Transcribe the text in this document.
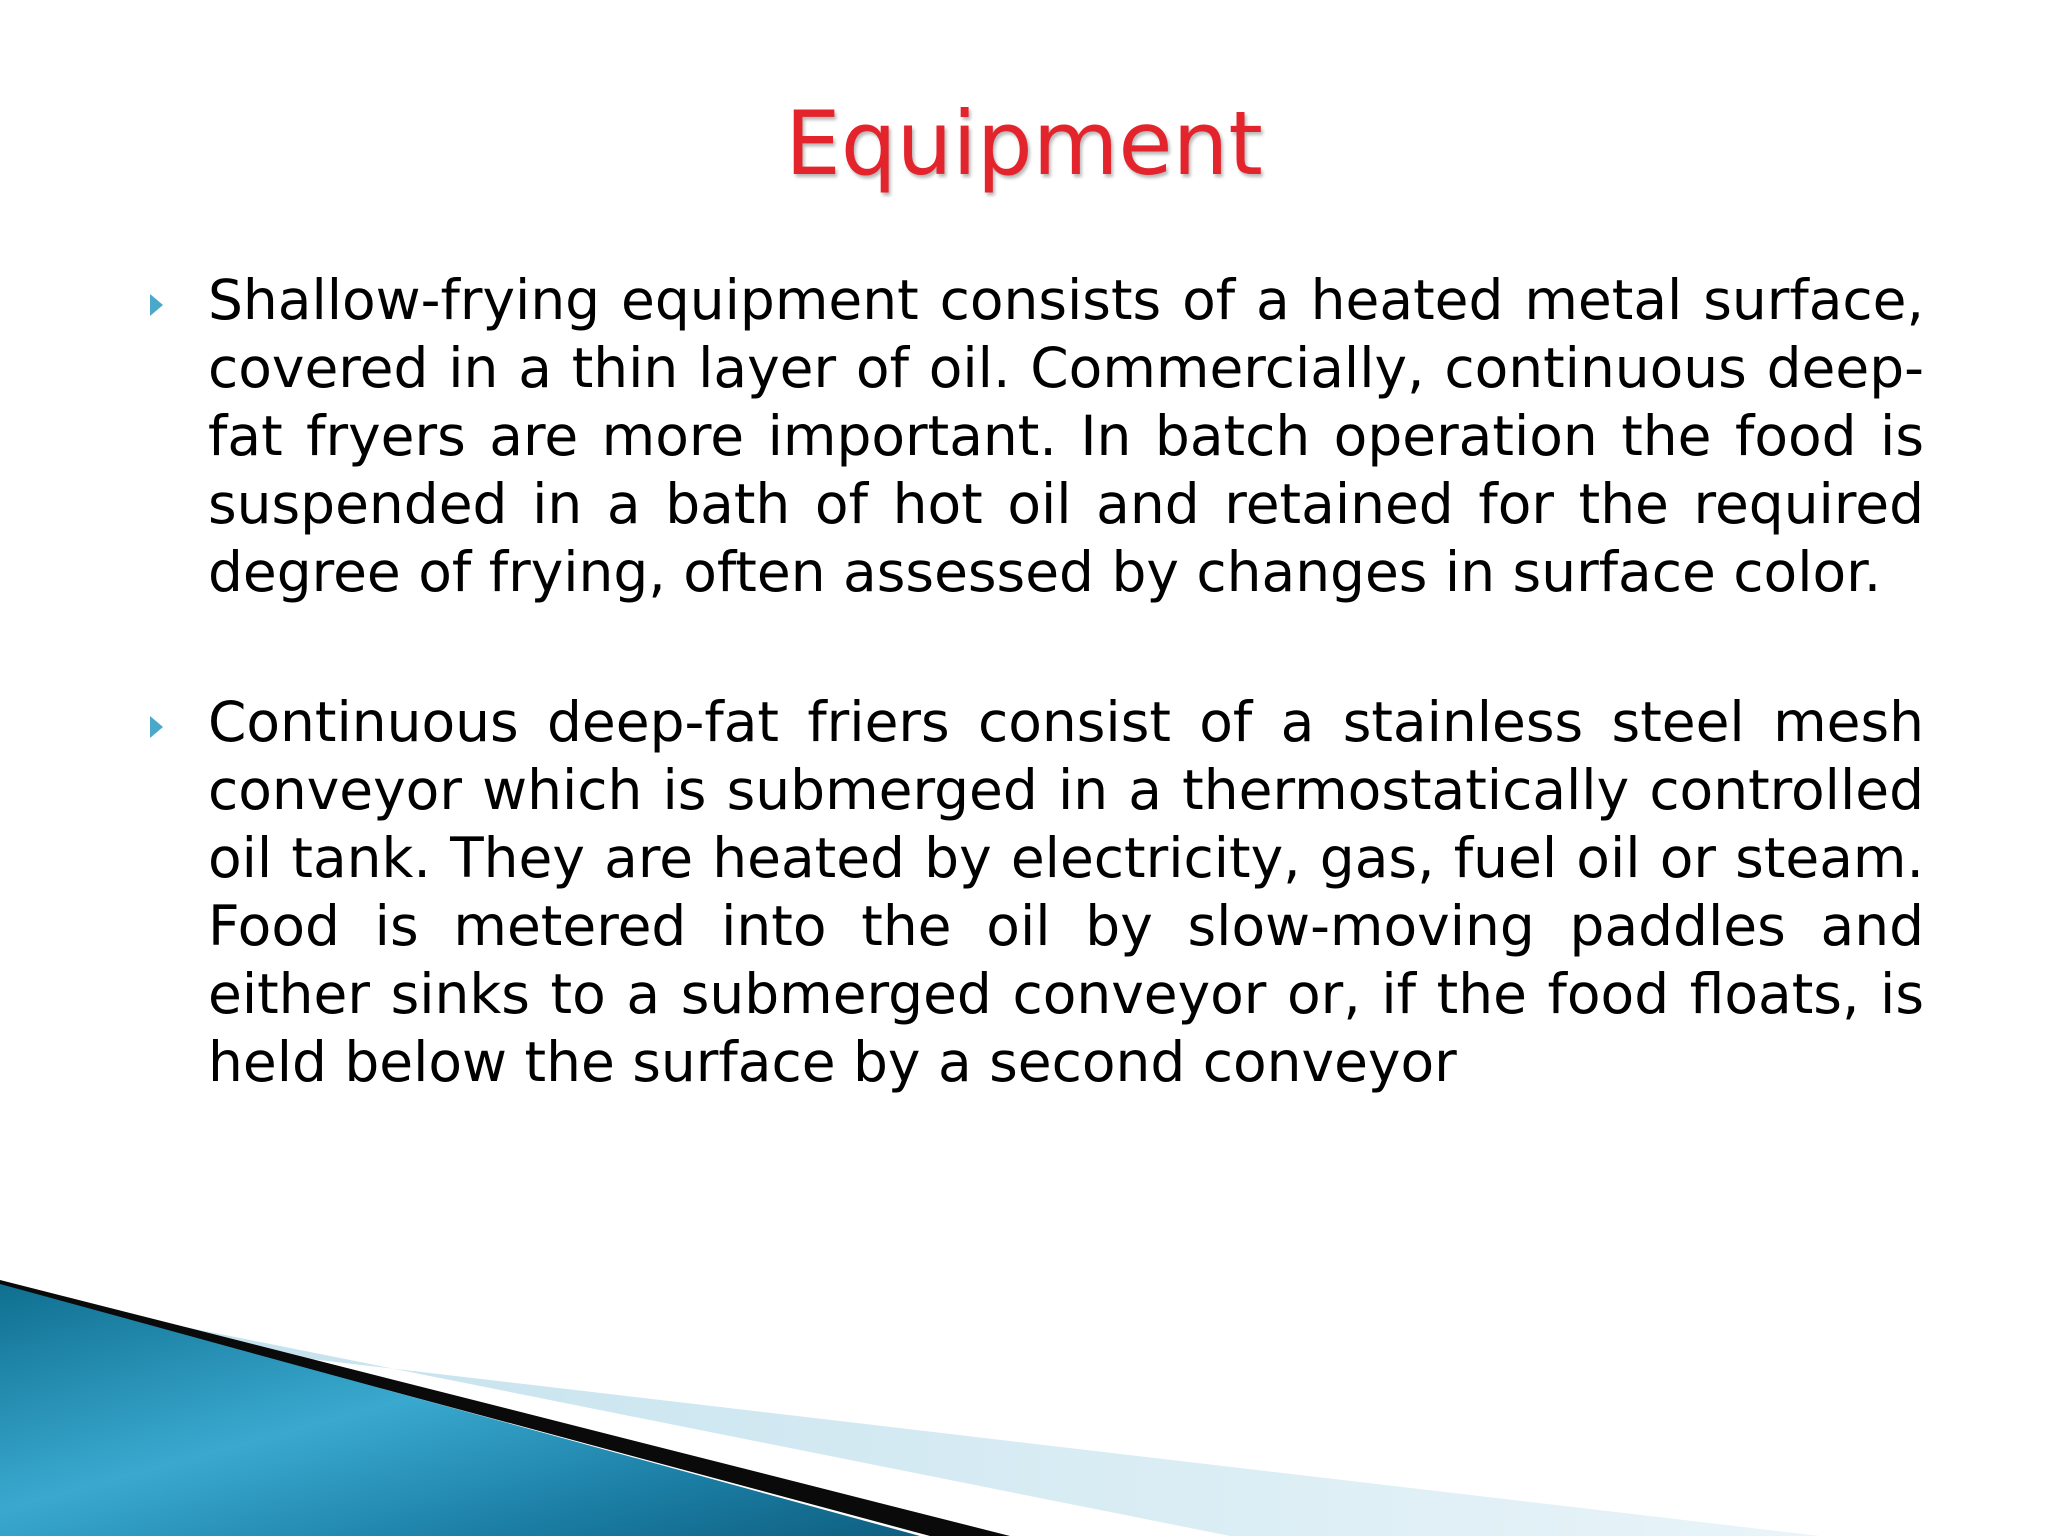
Equipment
Shallow-frying equipment consists of a heated metal surface, covered in a thin layer of oil. Commercially, continuous deep-fat fryers are more important. In batch operation the food is suspended in a bath of hot oil and retained for the required degree of frying, often assessed by changes in surface color.
Continuous deep-fat friers consist of a stainless steel mesh conveyor which is submerged in a thermostatically controlled oil tank. They are heated by electricity, gas, fuel oil or steam. Food is metered into the oil by slow-moving paddles and either sinks to a submerged conveyor or, if the food floats, is held below the surface by a second conveyor
